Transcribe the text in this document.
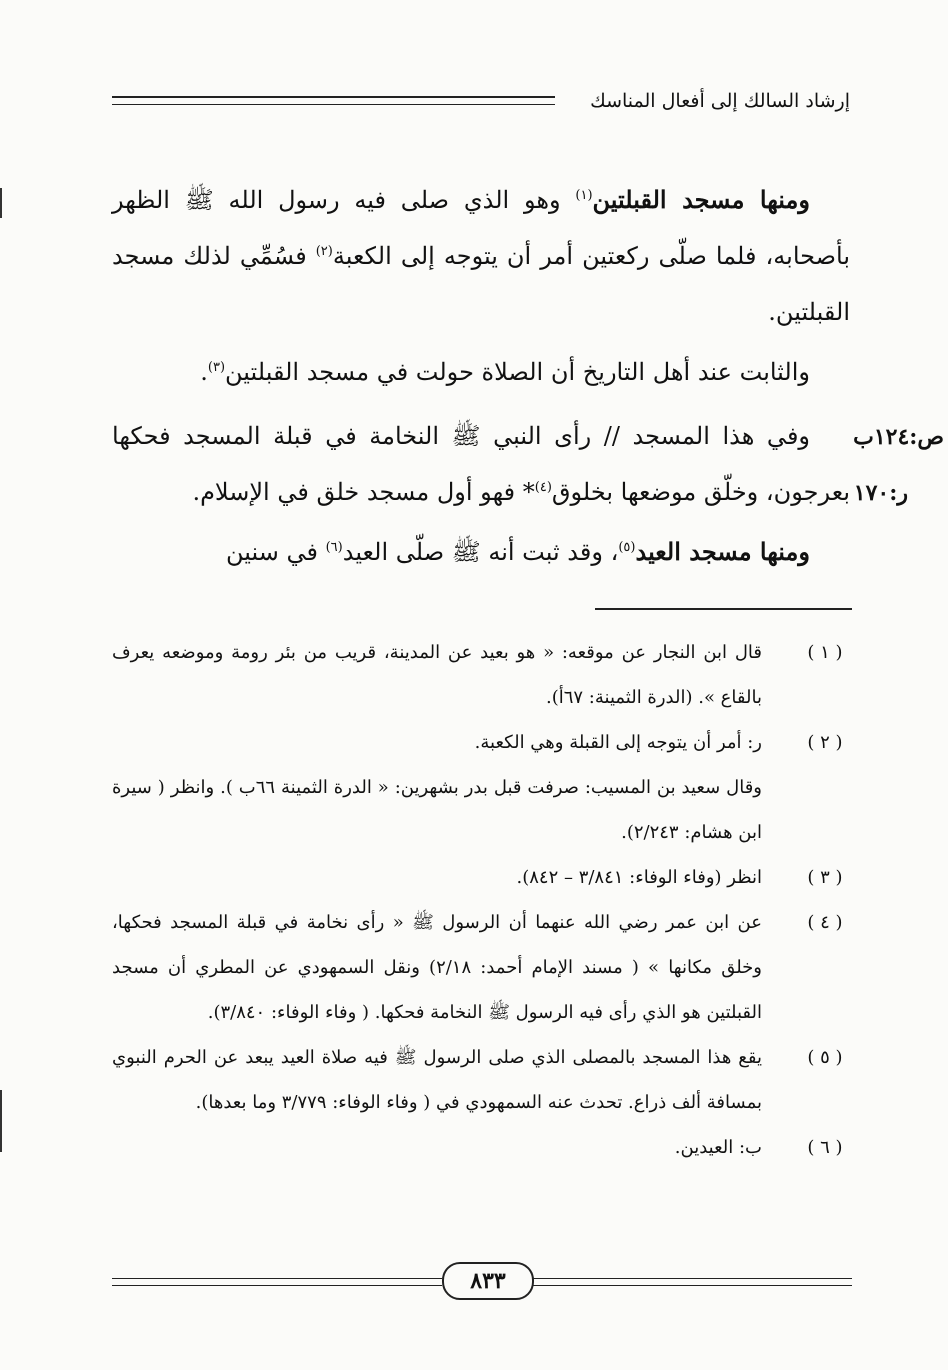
إرشاد السالك إلى أفعال المناسك

ومنها مسجد القبلتين$^{(١)}$ وهو الذي صلى فيه رسول الله ﷺ الظهر بأصحابه، فلما صلّى ركعتين أمر أن يتوجه إلى الكعبة$^{(٢)}$ فسُمِّي لذلك مسجد القبلتين.

والثابت عند أهل التاريخ أن الصلاة حولت في مسجد القبلتين$^{(٣)}$.

وفي هذا المسجد // رأى النبي ﷺ النخامة في قبلة المسجد فحكها بعرجون، وخلّق موضعها بخلوق$^{(٤)}$* فهو أول مسجد خلق في الإسلام.

ومنها مسجد العيد$^{(٥)}$، وقد ثبت أنه ﷺ صلّى العيد$^{(٦)}$ في سنين

ص:١٢٤ب
ر:١٧٠

( ١ )
قال ابن النجار عن موقعه: « هو بعيد عن المدينة، قريب من بئر رومة وموضعه يعرف بالقاع ». (الدرة الثمينة: ٦٧أ).

( ٢ )
ر: أمر أن يتوجه إلى القبلة وهي الكعبة.

وقال سعيد بن المسيب: صرفت قبل بدر بشهرين: « الدرة الثمينة ٦٦ب ). وانظر ( سيرة ابن هشام: ٢/٢٤٣).

( ٣ )
انظر (وفاء الوفاء: ٣/٨٤١ – ٨٤٢).

( ٤ )
عن ابن عمر رضي الله عنهما أن الرسول ﷺ « رأى نخامة في قبلة المسجد فحكها، وخلق مكانها » ( مسند الإمام أحمد: ٢/١٨) ونقل السمهودي عن المطري أن مسجد القبلتين هو الذي رأى فيه الرسول ﷺ النخامة فحكها. ( وفاء الوفاء: ٣/٨٤٠).

( ٥ )
يقع هذا المسجد بالمصلى الذي صلى الرسول ﷺ فيه صلاة العيد يبعد عن الحرم النبوي بمسافة ألف ذراع. تحدث عنه السمهودي في ( وفاء الوفاء: ٣/٧٧٩ وما بعدها).

( ٦ )
ب: العيدين.

٨٣٣
